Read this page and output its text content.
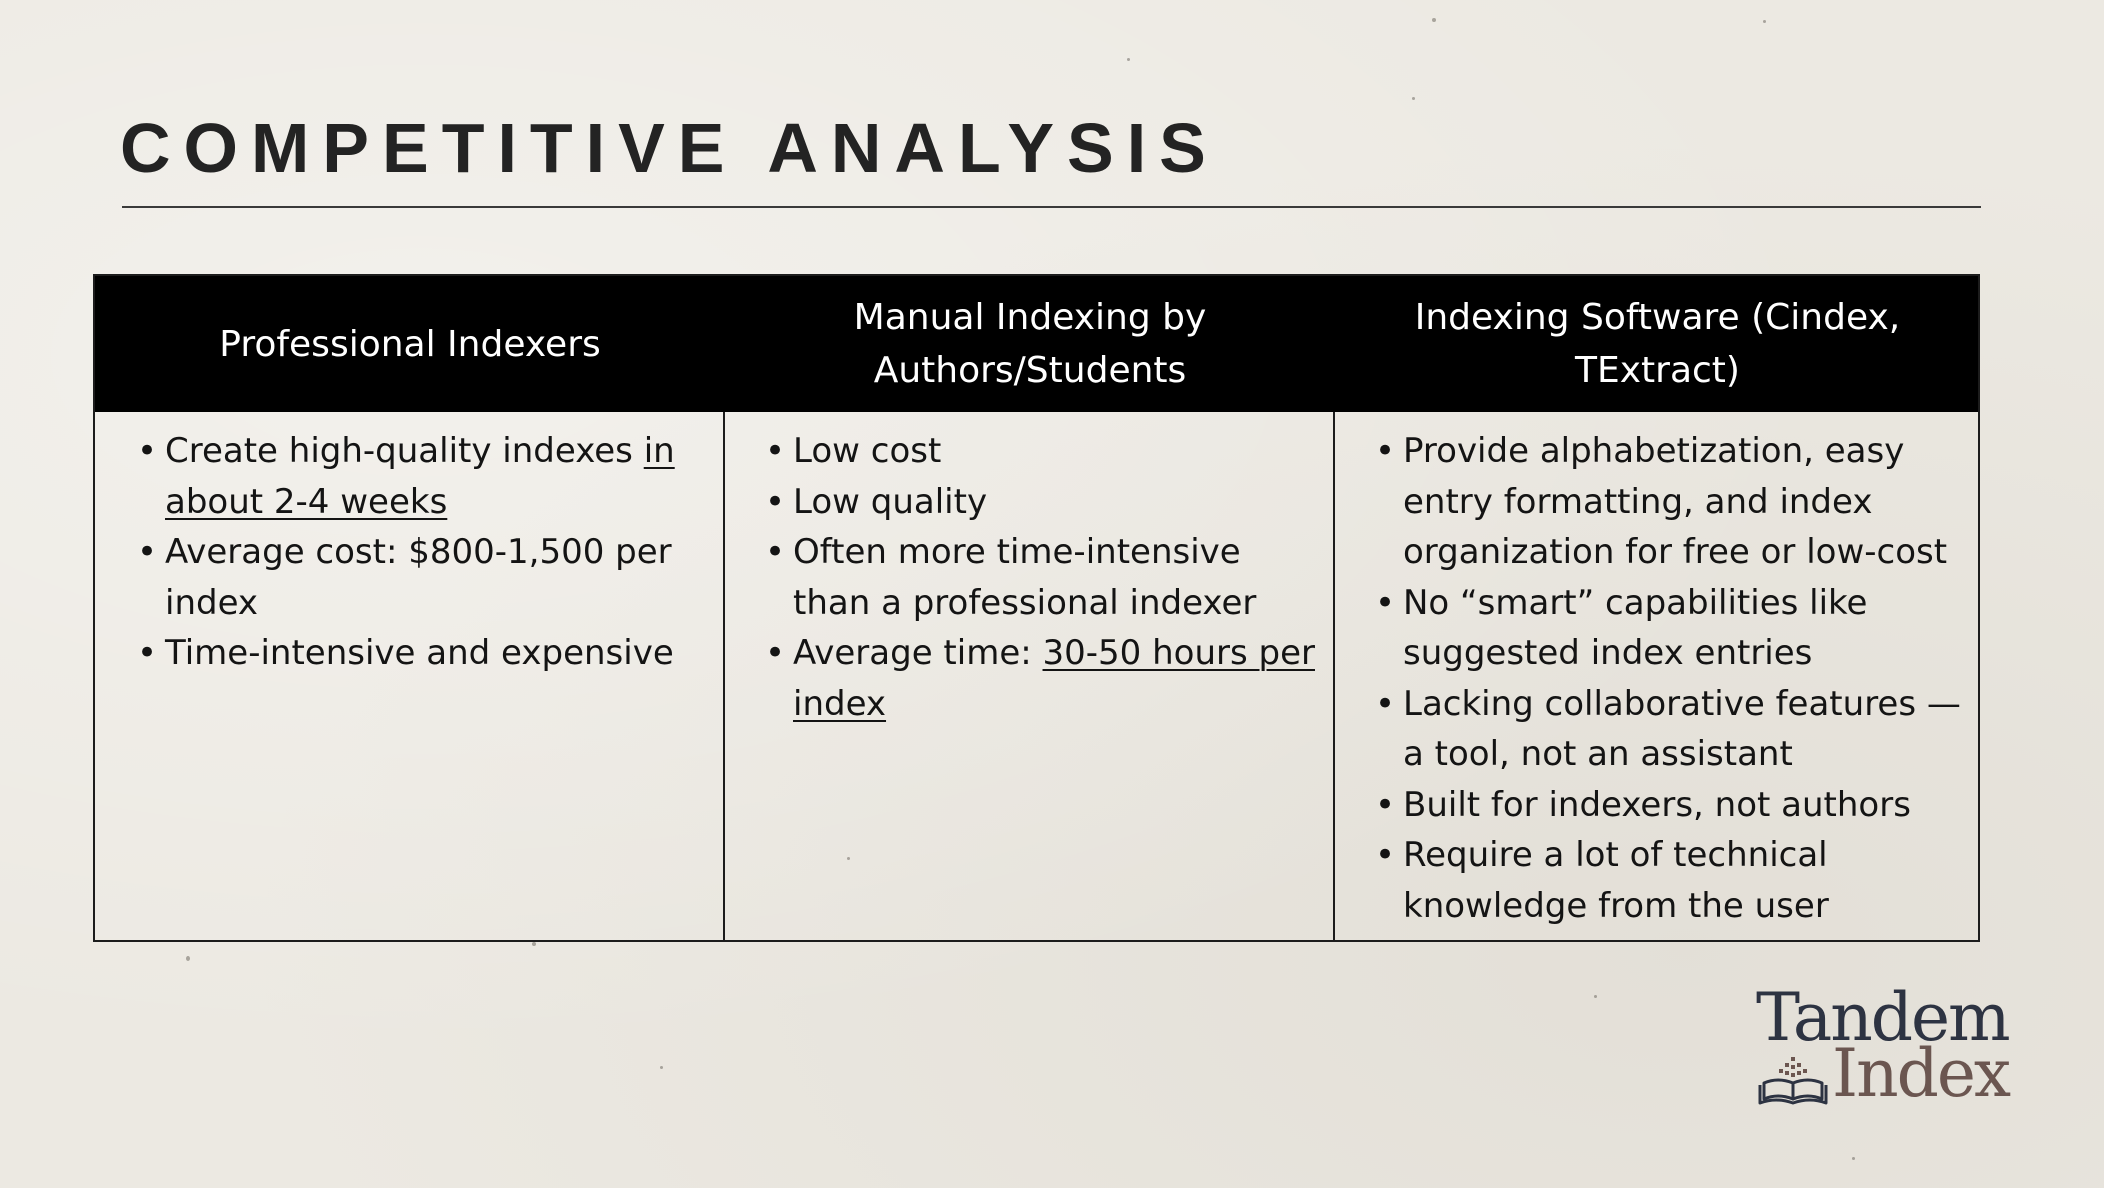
COMPETITIVE ANALYSIS
Professional Indexers
Manual Indexing by Authors/Students
Indexing Software (Cindex, TExtract)
• Create high-quality indexes in about 2-4 weeks
• Average cost: $800-1,500 per index
• Time-intensive and expensive
• Low cost
• Low quality
• Often more time-intensive than a professional indexer
• Average time: 30-50 hours per index
• Provide alphabetization, easy entry formatting, and index organization for free or low-cost
• No “smart” capabilities like suggested index entries
• Lacking collaborative features — a tool, not an assistant
• Built for indexers, not authors
• Require a lot of technical knowledge from the user
Tandem
Index
